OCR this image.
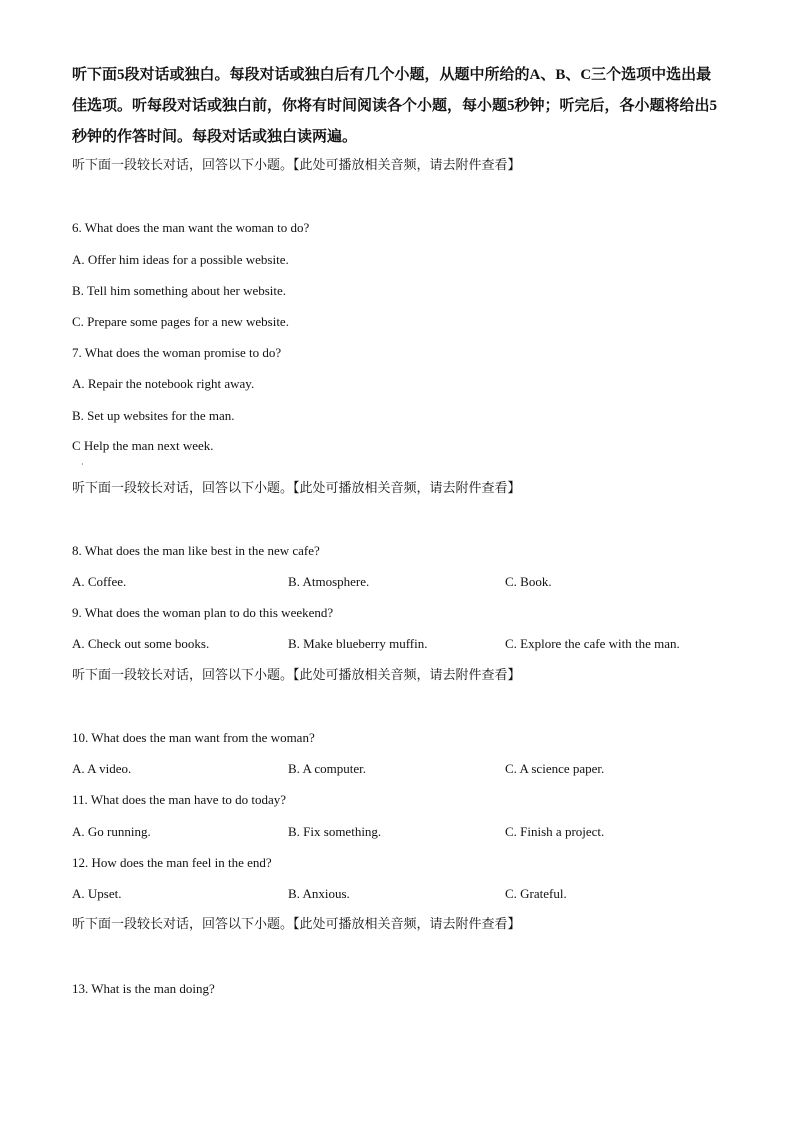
听下面5段对话或独白。每段对话或独白后有几个小题，从题中所给的A、B、C三个选项中选出最佳选项。听每段对话或独白前，你将有时间阅读各个小题，每小题5秒钟；听完后，各小题将给出5秒钟的作答时间。每段对话或独白读两遍。
听下面一段较长对话，回答以下小题。【此处可播放相关音频，请去附件查看】
6. What does the man want the woman to do?
A. Offer him ideas for a possible website.
B. Tell him something about her website.
C. Prepare some pages for a new website.
7. What does the woman promise to do?
A. Repair the notebook right away.
B. Set up websites for the man.
C Help the man next week.
·
听下面一段较长对话，回答以下小题。【此处可播放相关音频，请去附件查看】
8. What does the man like best in the new cafe?
A. Coffee.	B. Atmosphere.	C. Book.
9. What does the woman plan to do this weekend?
A. Check out some books.	B. Make blueberry muffin.	C. Explore the cafe with the man.
听下面一段较长对话，回答以下小题。【此处可播放相关音频，请去附件查看】
10. What does the man want from the woman?
A. A video.	B. A computer.	C. A science paper.
11. What does the man have to do today?
A. Go running.	B. Fix something.	C. Finish a project.
12. How does the man feel in the end?
A. Upset.	B. Anxious.	C. Grateful.
听下面一段较长对话，回答以下小题。【此处可播放相关音频，请去附件查看】
13. What is the man doing?
